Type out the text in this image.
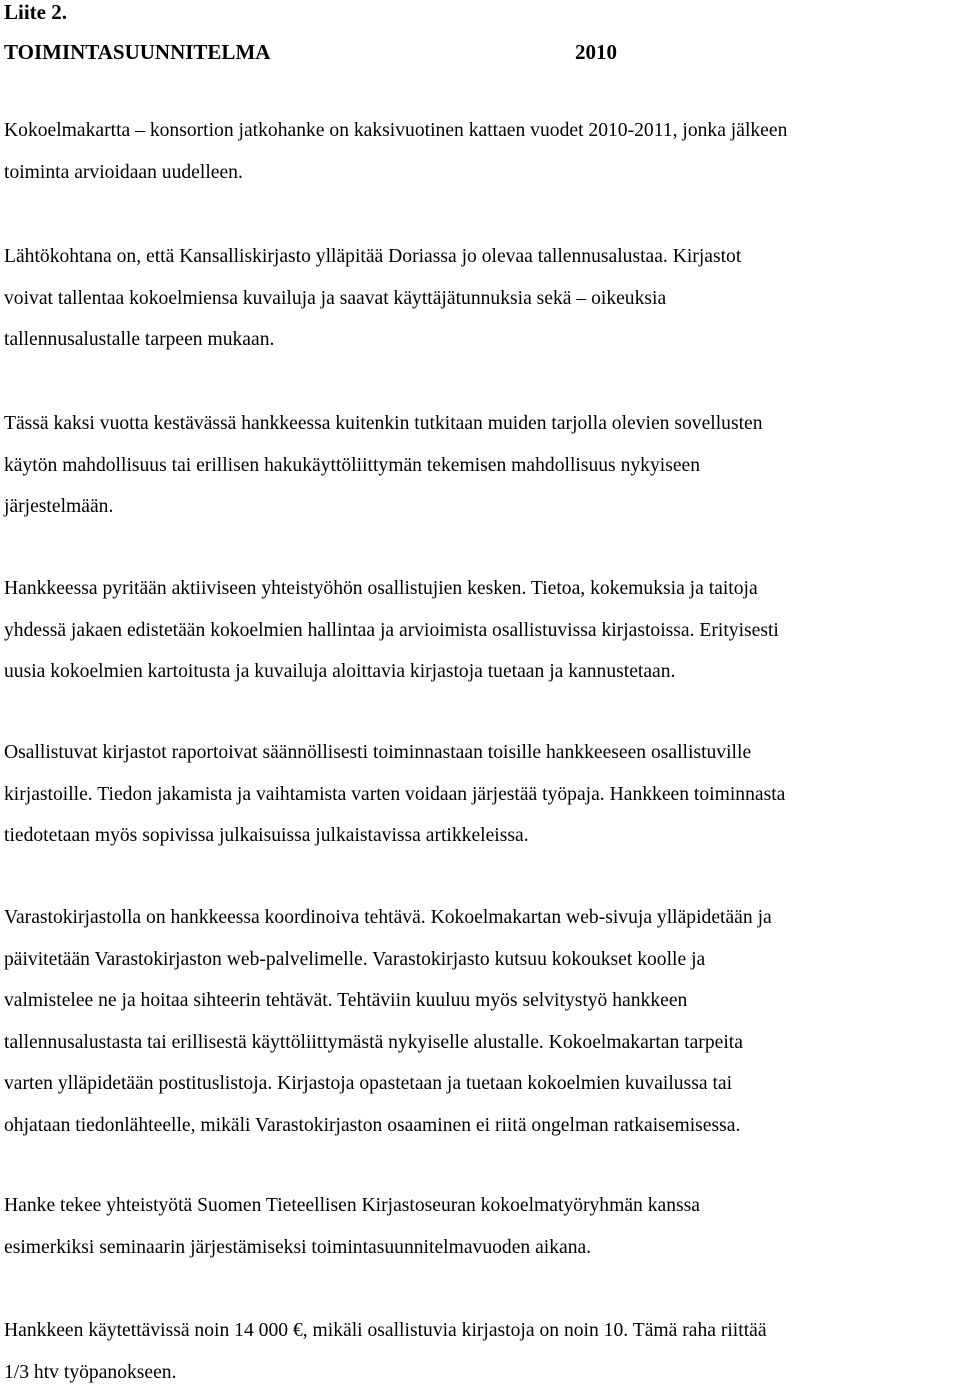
Liite 2.
TOIMINTASUUNNITELMA	2010
Kokoelmakartta – konsortion jatkohanke on kaksivuotinen kattaen vuodet 2010-2011, jonka jälkeen
toiminta arvioidaan uudelleen.
Lähtökohtana on, että Kansalliskirjasto ylläpitää Doriassa jo olevaa tallennusalustaa. Kirjastot
voivat tallentaa kokoelmiensa kuvailuja ja saavat käyttäjätunnuksia sekä – oikeuksia
tallennusalustalle tarpeen mukaan.
Tässä kaksi vuotta kestävässä hankkeessa kuitenkin tutkitaan muiden tarjolla olevien sovellusten
käytön mahdollisuus tai erillisen hakukäyttöliittymän tekemisen mahdollisuus nykyiseen
järjestelmään.
Hankkeessa pyritään aktiiviseen yhteistyöhön osallistujien kesken. Tietoa, kokemuksia ja taitoja
yhdessä jakaen edistetään kokoelmien hallintaa ja arvioimista osallistuvissa kirjastoissa. Erityisesti
uusia kokoelmien kartoitusta ja kuvailuja aloittavia kirjastoja tuetaan ja kannustetaan.
Osallistuvat kirjastot raportoivat säännöllisesti toiminnastaan toisille hankkeeseen osallistuville
kirjastoille. Tiedon jakamista ja vaihtamista varten voidaan järjestää työpaja. Hankkeen toiminnasta
tiedotetaan myös sopivissa julkaisuissa julkaistavissa artikkeleissa.
Varastokirjastolla on hankkeessa koordinoiva tehtävä. Kokoelmakartan web-sivuja ylläpidetään ja
päivitetään Varastokirjaston web-palvelimelle. Varastokirjasto kutsuu kokoukset koolle ja
valmistelee ne ja hoitaa sihteerin tehtävät. Tehtäviin kuuluu myös selvitystyö hankkeen
tallennusalustasta tai erillisestä käyttöliittymästä nykyiselle alustalle. Kokoelmakartan tarpeita
varten ylläpidetään postituslistoja. Kirjastoja opastetaan ja tuetaan kokoelmien kuvailussa tai
ohjataan tiedonlähteelle, mikäli Varastokirjaston osaaminen ei riitä ongelman ratkaisemisessa.
Hanke tekee yhteistyötä Suomen Tieteellisen Kirjastoseuran kokoelmatyöryhmän kanssa
esimerkiksi seminaarin järjestämiseksi toimintasuunnitelmavuoden aikana.
Hankkeen käytettävissä noin 14 000 €, mikäli osallistuvia kirjastoja on noin 10. Tämä raha riittää
1/3 htv työpanokseen.
